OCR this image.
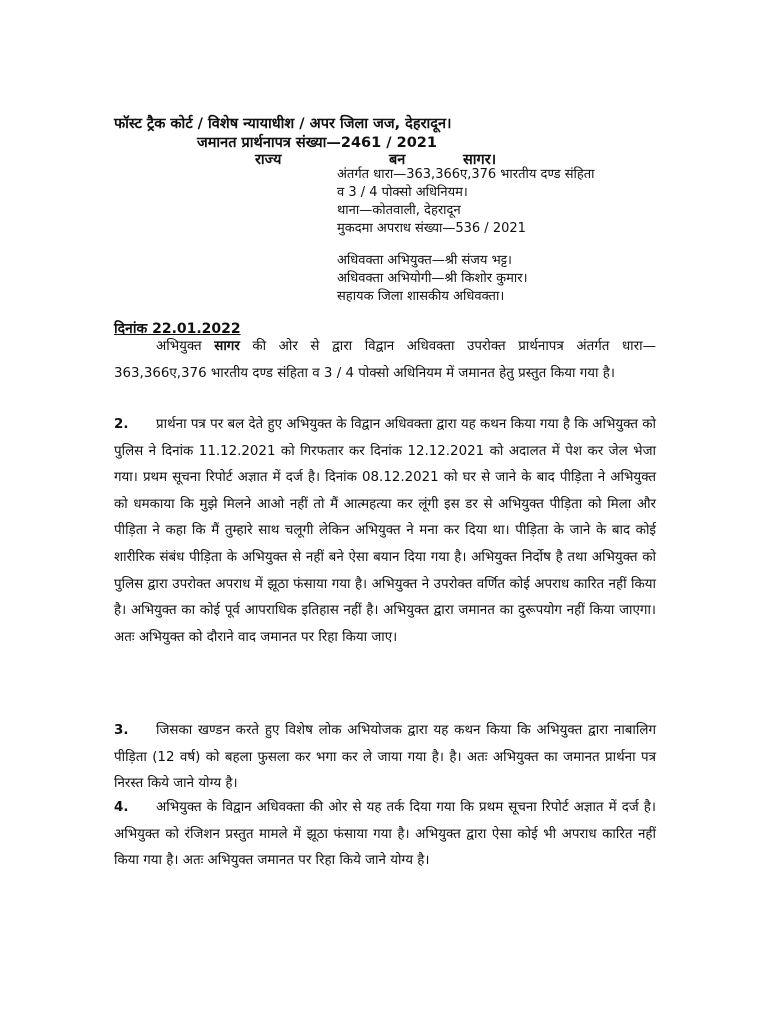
फॉस्ट ट्रैक कोर्ट / विशेष न्यायाधीश / अपर जिला जज, देहरादून।
जमानत प्रार्थनापत्र संख्या—2461 / 2021
राज्य	बन	सागर।
अंतर्गत धारा—363,366ए,376 भारतीय दण्ड संहिता
व 3 / 4 पोक्सो अधिनियम।
थाना—कोतवाली, देहरादून
मुकदमा अपराध संख्या—536 / 2021
अधिवक्ता अभियुक्त—श्री संजय भट्ट।
अधिवक्ता अभियोगी—श्री किशोर कुमार।
सहायक जिला शासकीय अधिवक्ता।
दिनांक 22.01.2022
अभियुक्त सागर की ओर से द्वारा विद्वान अधिवक्ता उपरोक्त प्रार्थनापत्र अंतर्गत धारा—363,366ए,376 भारतीय दण्ड संहिता व 3 / 4 पोक्सो अधिनियम में जमानत हेतु प्रस्तुत किया गया है।
2. प्रार्थना पत्र पर बल देते हुए अभियुक्त के विद्वान अधिवक्ता द्वारा यह कथन किया गया है कि अभियुक्त को पुलिस ने दिनांक 11.12.2021 को गिरफतार कर दिनांक 12.12.2021 को अदालत में पेश कर जेल भेजा गया। प्रथम सूचना रिपोर्ट अज्ञात में दर्ज है। दिनांक 08.12.2021 को घर से जाने के बाद पीड़िता ने अभियुक्त को धमकाया कि मुझे मिलने आओ नहीं तो मैं आत्महत्या कर लूंगी इस डर से अभियुक्त पीड़िता को मिला और पीड़िता ने कहा कि मैं तुम्हारे साथ चलूगी लेकिन अभियुक्त ने मना कर दिया था। पीड़िता के जाने के बाद कोई शारीरिक संबंध पीड़िता के अभियुक्त से नहीं बने ऐसा बयान दिया गया है। अभियुक्त निर्दोष है तथा अभियुक्त को पुलिस द्वारा उपरोक्त अपराध में झूठा फंसाया गया है। अभियुक्त ने उपरोक्त वर्णित कोई अपराध कारित नहीं किया है। अभियुक्त का कोई पूर्व आपराधिक इतिहास नहीं है। अभियुक्त द्वारा जमानत का दुरूपयोग नहीं किया जाएगा। अतः अभियुक्त को दौराने वाद जमानत पर रिहा किया जाए।
3. जिसका खण्डन करते हुए विशेष लोक अभियोजक द्वारा यह कथन किया कि अभियुक्त द्वारा नाबालिग पीड़िता (12 वर्ष) को बहला फुसला कर भगा कर ले जाया गया है। है। अतः अभियुक्त का जमानत प्रार्थना पत्र निरस्त किये जाने योग्य है।
4. अभियुक्त के विद्वान अधिवक्ता की ओर से यह तर्क दिया गया कि प्रथम सूचना रिपोर्ट अज्ञात में दर्ज है। अभियुक्त को रंजिशन प्रस्तुत मामले में झूठा फंसाया गया है। अभियुक्त द्वारा ऐसा कोई भी अपराध कारित नहीं किया गया है। अतः अभियुक्त जमानत पर रिहा किये जाने योग्य है।
